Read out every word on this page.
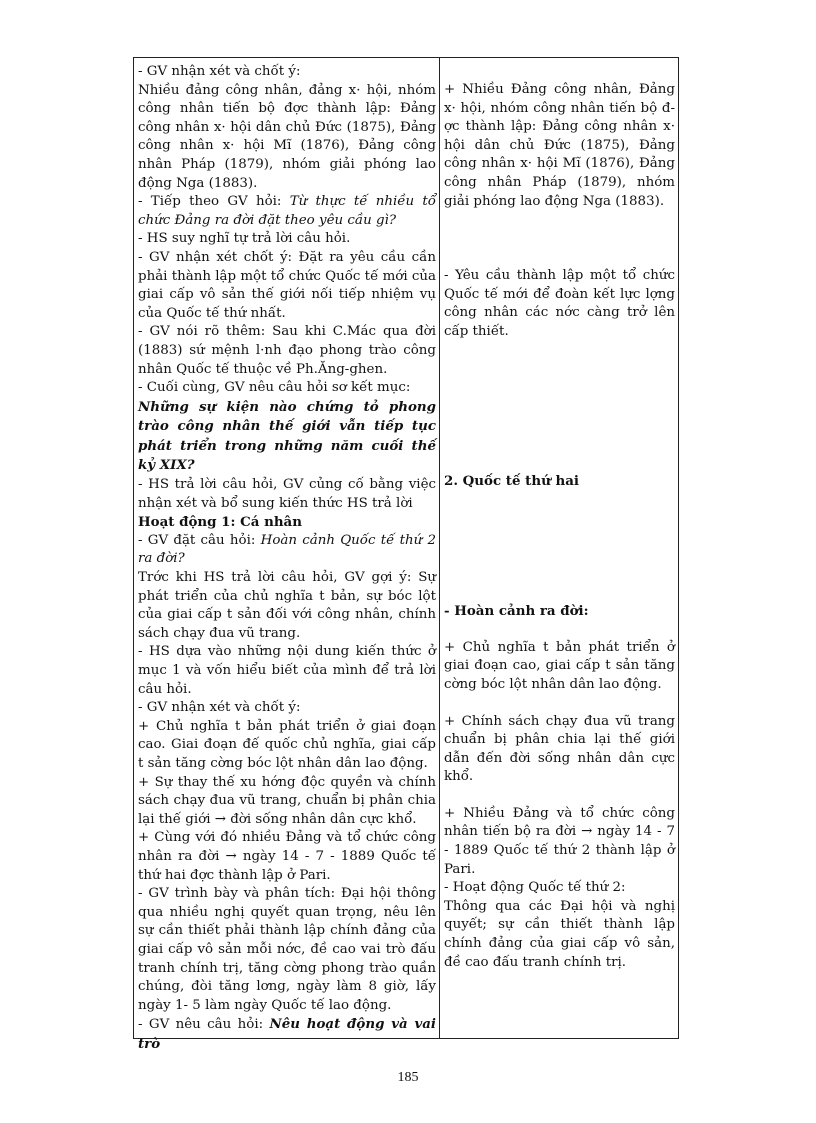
- GV nhận xét và chốt ý:

Nhiều đảng công nhân, đảng x· hội, nhóm công nhân tiến bộ đợc thành lập: Đảng công nhân x· hội dân chủ Đức (1875), Đảng công nhân x· hội Mĩ (1876), Đảng công nhân Pháp (1879), nhóm giải phóng lao động Nga (1883).

- Tiếp theo GV hỏi: Từ thực tế nhiều tổ chức Đảng ra đời đặt theo yêu cầu gì?

- HS suy nghĩ tự trả lời câu hỏi.

- GV nhận xét chốt ý: Đặt ra yêu cầu cần phải thành lập một tổ chức Quốc tế mới của giai cấp vô sản thế giới nối tiếp nhiệm vụ của Quốc tế thứ nhất.

- GV nói rõ thêm: Sau khi C.Mác qua đời (1883) sứ mệnh l·nh đạo phong trào công nhân Quốc tế thuộc về Ph.Ăng-ghen.

- Cuối cùng, GV nêu câu hỏi sơ kết mục:

Những sự kiện nào chứng tỏ phong trào công nhân thế giới vẫn tiếp tục phát triển trong những năm cuối thế kỷ XIX?

- HS trả lời câu hỏi, GV củng cố bằng việc nhận xét và bổ sung kiến thức HS trả lời

Hoạt động 1: Cá nhân

- GV đặt câu hỏi: Hoàn cảnh Quốc tế thứ 2 ra đời?

Trớc khi HS trả lời câu hỏi, GV gợi ý: Sự phát triển của chủ nghĩa t bản, sự bóc lột của giai cấp t sản đối với công nhân, chính sách chạy đua vũ trang.

- HS dựa vào những nội dung kiến thức ở mục 1 và vốn hiểu biết của mình để trả lời câu hỏi.

- GV nhận xét và chốt ý:

+ Chủ nghĩa t bản phát triển ở giai đoạn cao. Giai đoạn đế quốc chủ nghĩa, giai cấp t sản tăng cờng bóc lột nhân dân lao động.

+ Sự thay thế xu hớng độc quyền và chính sách chạy đua vũ trang, chuẩn bị phân chia lại thế giới → đời sống nhân dân cực khổ.

+ Cùng với đó nhiều Đảng và tổ chức công nhân ra đời → ngày 14 - 7 - 1889 Quốc tế thứ hai đợc thành lập ở Pari.

- GV trình bày và phân tích: Đại hội thông qua nhiều nghị quyết quan trọng, nêu lên sự cần thiết phải thành lập chính đảng của giai cấp vô sản mỗi nớc, đề cao vai trò đấu tranh chính trị, tăng cờng phong trào quần chúng, đòi tăng lơng, ngày làm 8 giờ, lấy ngày 1- 5 làm ngày Quốc tế lao động.

- GV nêu câu hỏi: Nêu hoạt động và vai trò

+ Nhiều Đảng công nhân, Đảng x· hội, nhóm công nhân tiến bộ đợc thành lập: Đảng công nhân x· hội dân chủ Đức (1875), Đảng công nhân x· hội Mĩ (1876), Đảng công nhân Pháp (1879), nhóm giải phóng lao động Nga (1883).

- Yêu cầu thành lập một tổ chức Quốc tế mới để đoàn kết lực lợng công nhân các nớc càng trở lên cấp thiết.

2. Quốc tế thứ hai

- Hoàn cảnh ra đời:

+ Chủ nghĩa t bản phát triển ở giai đoạn cao, giai cấp t sản tăng cờng bóc lột nhân dân lao động.

+ Chính sách chạy đua vũ trang chuẩn bị phân chia lại thế giới dẫn đến đời sống nhân dân cực khổ.

+ Nhiều Đảng và tổ chức công nhân tiến bộ ra đời → ngày 14 - 7 - 1889 Quốc tế thứ 2 thành lập ở Pari.

- Hoạt động Quốc tế thứ 2:

Thông qua các Đại hội và nghị quyết; sự cần thiết thành lập chính đảng của giai cấp vô sản, đề cao đấu tranh chính trị.

185
